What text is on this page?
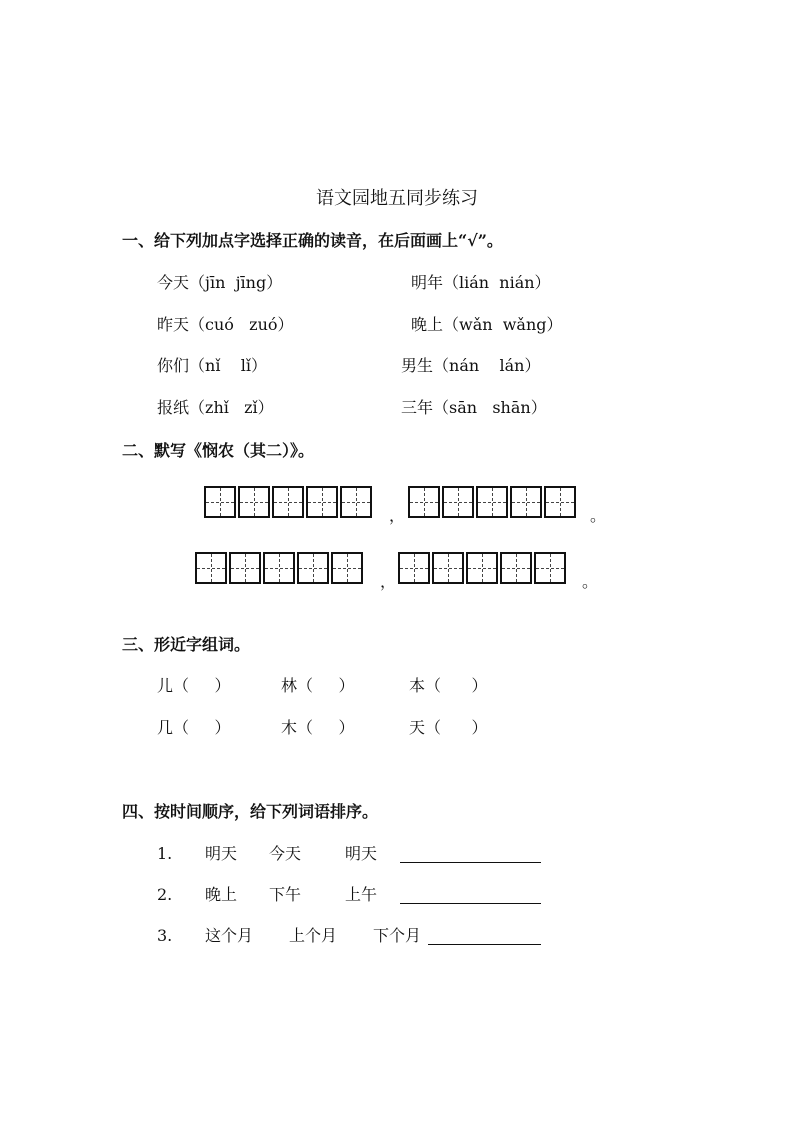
语文园地五同步练习
一、给下列加点字选择正确的读音，在后面画上“√”。
今天（jīn  jīng）	明年（lián  nián）
昨天（cuó   zuó）	晚上（wǎn  wǎng）
你们（nǐ    lǐ）	男生（nán    lán）
报纸（zhǐ   zǐ）	三年（sān   shān）
二、默写《悯农（其二）》。
，	。
，	。
三、形近字组词。
儿（     ）	林（     ）	本（      ）
几（     ）	木（     ）	天（      ）
四、按时间顺序，给下列词语排序。
1. 明天 今天	明天
2. 晚上 下午	上午
3. 这个月 上个月 下个月
